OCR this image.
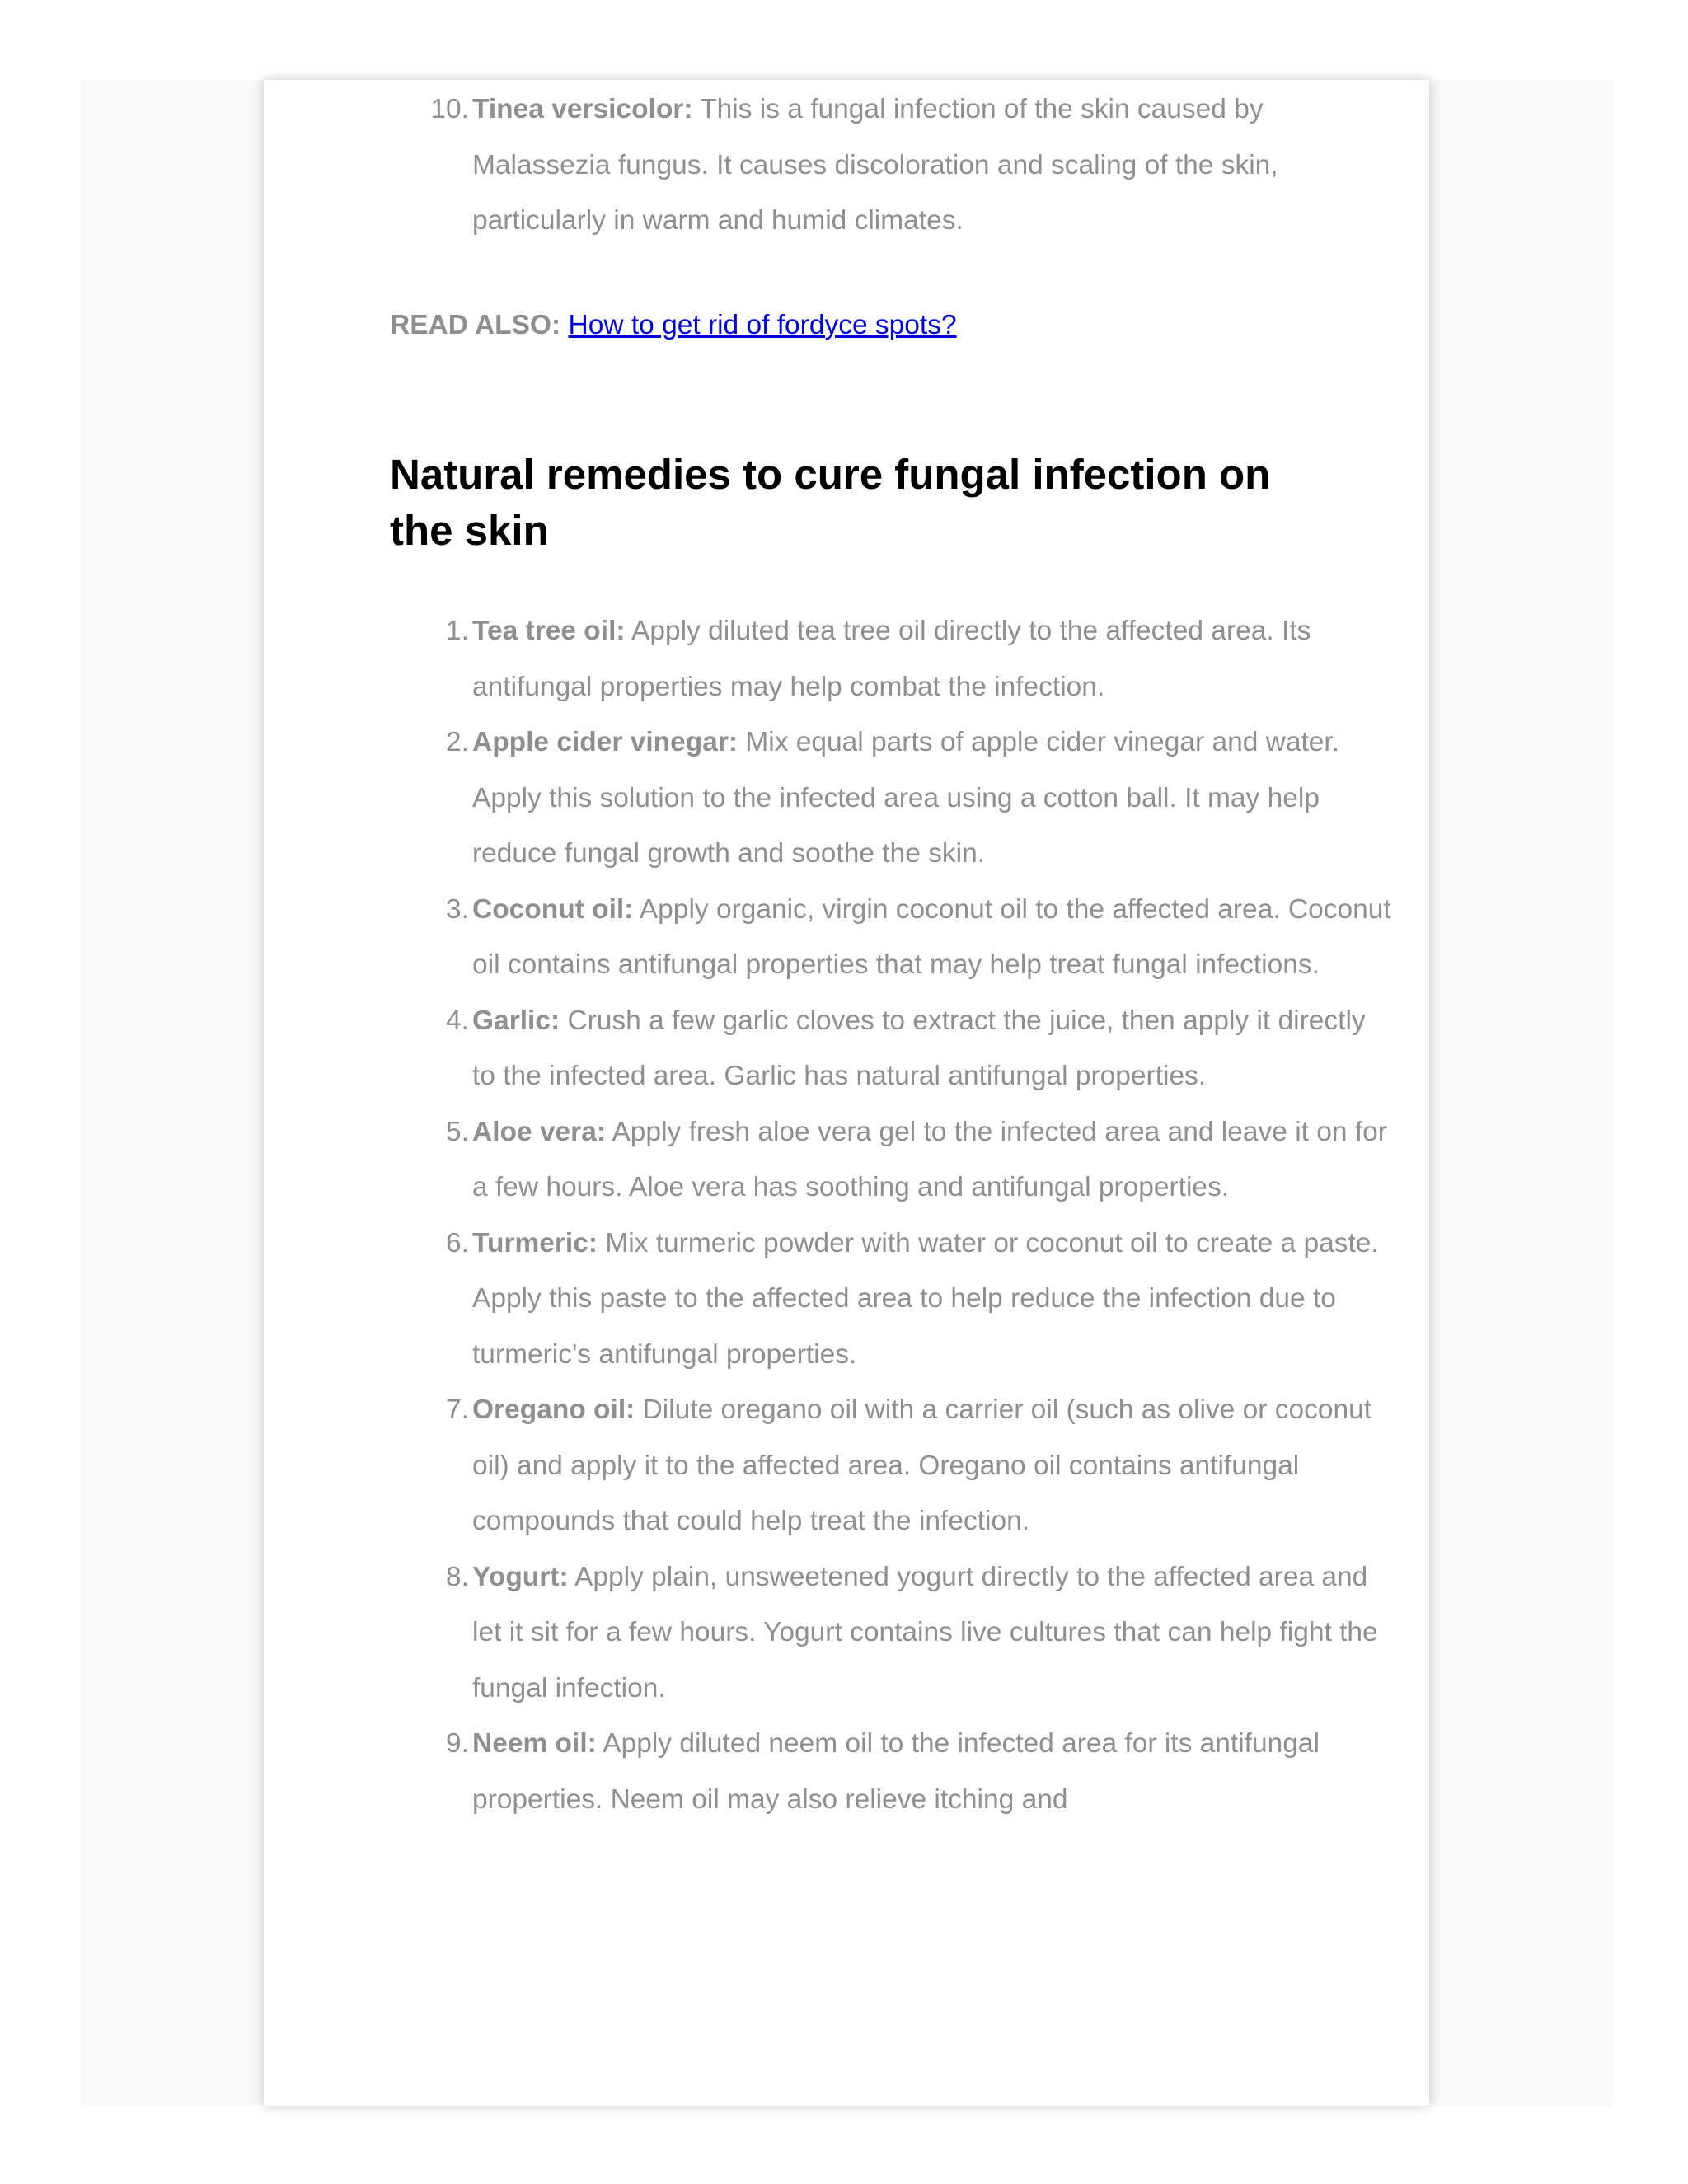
10. Tinea versicolor: This is a fungal infection of the skin caused by Malassezia fungus. It causes discoloration and scaling of the skin, particularly in warm and humid climates.

READ ALSO: How to get rid of fordyce spots?

Natural remedies to cure fungal infection on the skin
1. Tea tree oil: Apply diluted tea tree oil directly to the affected area. Its antifungal properties may help combat the infection.
2. Apple cider vinegar: Mix equal parts of apple cider vinegar and water. Apply this solution to the infected area using a cotton ball. It may help reduce fungal growth and soothe the skin.
3. Coconut oil: Apply organic, virgin coconut oil to the affected area. Coconut oil contains antifungal properties that may help treat fungal infections.
4. Garlic: Crush a few garlic cloves to extract the juice, then apply it directly to the infected area. Garlic has natural antifungal properties.
5. Aloe vera: Apply fresh aloe vera gel to the infected area and leave it on for a few hours. Aloe vera has soothing and antifungal properties.
6. Turmeric: Mix turmeric powder with water or coconut oil to create a paste. Apply this paste to the affected area to help reduce the infection due to turmeric's antifungal properties.
7. Oregano oil: Dilute oregano oil with a carrier oil (such as olive or coconut oil) and apply it to the affected area. Oregano oil contains antifungal compounds that could help treat the infection.
8. Yogurt: Apply plain, unsweetened yogurt directly to the affected area and let it sit for a few hours. Yogurt contains live cultures that can help fight the fungal infection.
9. Neem oil: Apply diluted neem oil to the infected area for its antifungal properties. Neem oil may also relieve itching and
